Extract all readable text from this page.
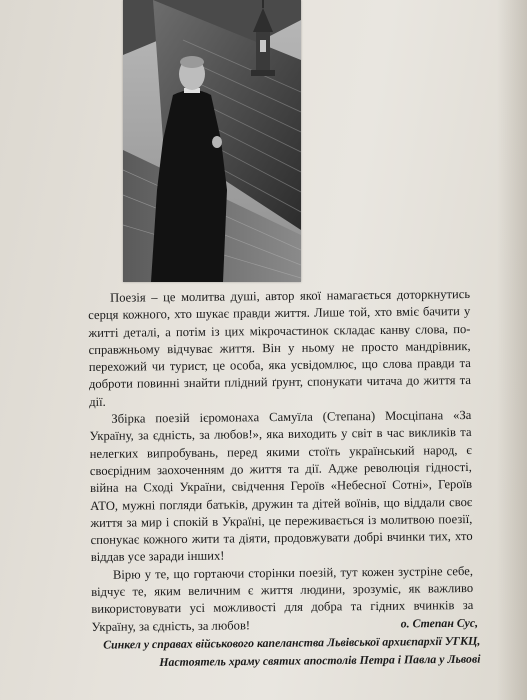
Поезія – це молитва душі, автор якої намагається доторкнутись серця кожного, хто шукає правди життя. Лише той, хто вміє бачити у житті деталі, а потім із цих мікрочастинок складає канву слова, по-справжньому відчуває життя. Він у ньому не просто мандрівник, перехожий чи турист, це особа, яка усвідомлює, що слова правди та доброти повинні знайти плідний ґрунт, спонукати читача до життя та дії.

Збірка поезій ієромонаха Самуїла (Степана) Мосціпана «За Україну, за єдність, за любов!», яка виходить у світ в час викликів та нелегких випробувань, перед якими стоїть український народ, є своєрідним заохоченням до життя та дії. Адже революція гідності, війна на Сході України, свідчення Героїв «Небесної Сотні», Героїв АТО, мужні погляди батьків, дружин та дітей воїнів, що віддали своє життя за мир і спокій в Україні, це переживається із молитвою поезії, спонукає кожного жити та діяти, продовжувати добрі вчинки тих, хто віддав усе заради інших!

Вірю у те, що гортаючи сторінки поезій, тут кожен зустріне себе, відчує те, яким величним є життя людини, зрозуміє, як важливо використовувати усі можливості для добра та гідних вчинків за Україну, за єдність, за любов!	о. Степан Сус,
Синкел у справах військового капеланства Львівської архиєпархії УГКЦ,
Настоятель храму святих апостолів Петра і Павла у Львові
